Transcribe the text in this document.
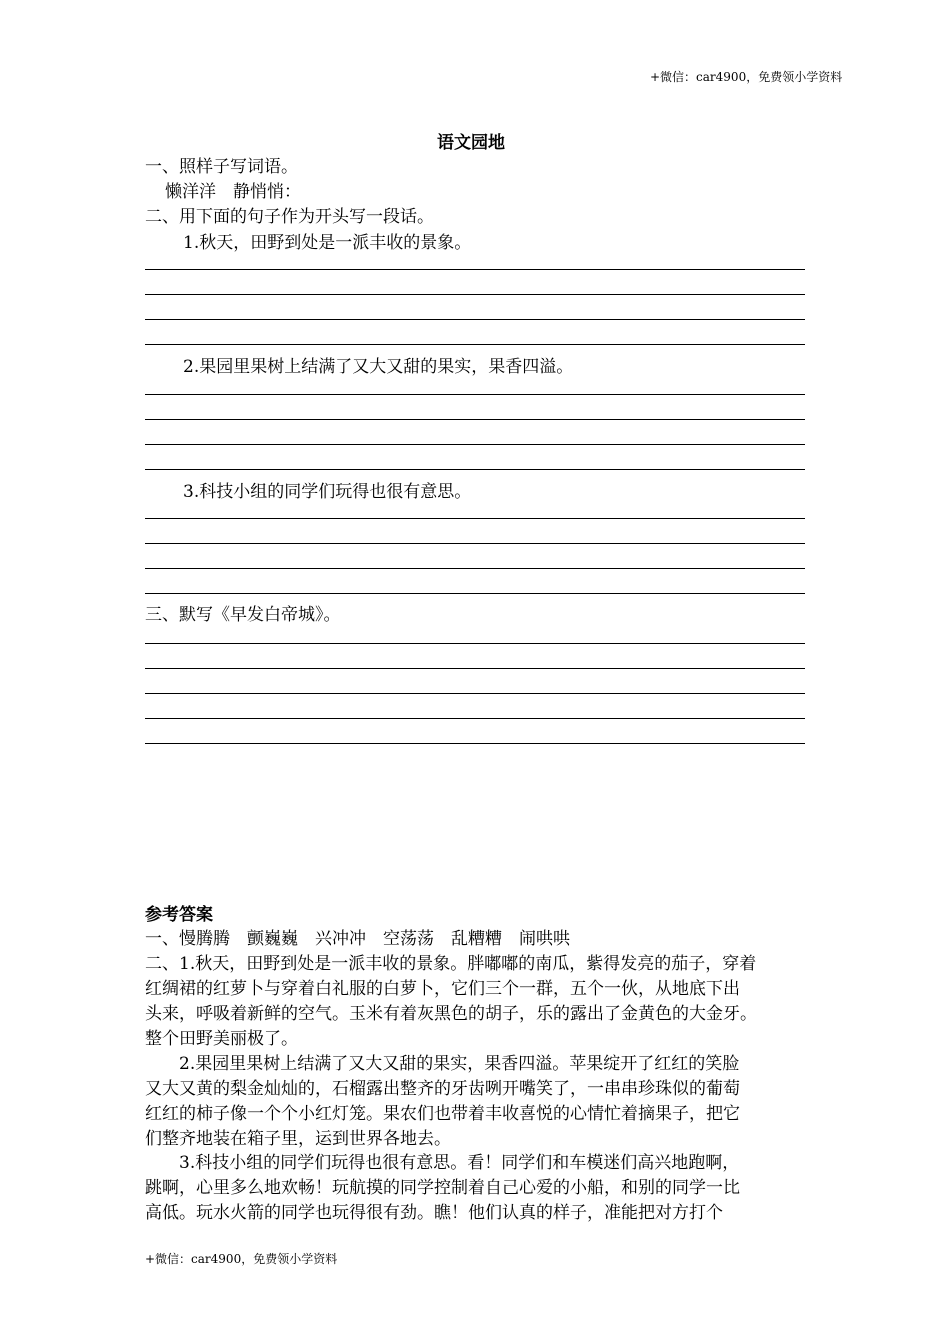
+微信：car4900，免费领小学资料
语文园地
一、照样子写词语。
懒洋洋　静悄悄：
二、用下面的句子作为开头写一段话。
1.秋天，田野到处是一派丰收的景象。
2.果园里果树上结满了又大又甜的果实，果香四溢。
3.科技小组的同学们玩得也很有意思。
三、默写《早发白帝城》。
参考答案
一、慢腾腾　颤巍巍　兴冲冲　空荡荡　乱糟糟　闹哄哄
二、1.秋天，田野到处是一派丰收的景象。胖嘟嘟的南瓜，紫得发亮的茄子，穿着
红绸裙的红萝卜与穿着白礼服的白萝卜，它们三个一群，五个一伙，从地底下出
头来，呼吸着新鲜的空气。玉米有着灰黑色的胡子，乐的露出了金黄色的大金牙。
整个田野美丽极了。
　　2.果园里果树上结满了又大又甜的果实，果香四溢。苹果绽开了红红的笑脸
又大又黄的梨金灿灿的，石榴露出整齐的牙齿咧开嘴笑了，一串串珍珠似的葡萄
红红的柿子像一个个小红灯笼。果农们也带着丰收喜悦的心情忙着摘果子，把它
们整齐地装在箱子里，运到世界各地去。
　　3.科技小组的同学们玩得也很有意思。看！同学们和车模迷们高兴地跑啊，
跳啊，心里多么地欢畅！玩航摸的同学控制着自己心爱的小船，和别的同学一比
高低。玩水火箭的同学也玩得很有劲。瞧！他们认真的样子，准能把对方打个
+微信：car4900，免费领小学资料
